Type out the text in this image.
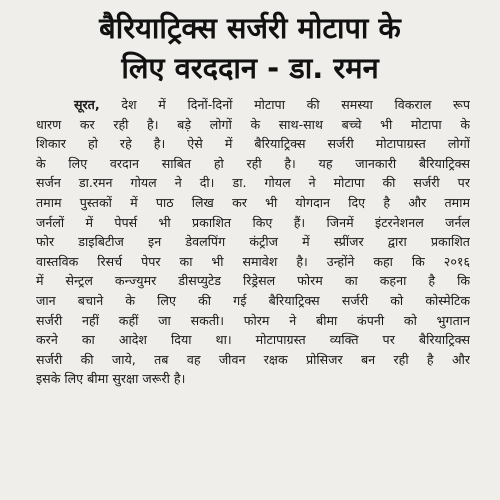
बैरियाट्रिक्स सर्जरी मोटापा के
लिए वरददान - डा. रमन
सूरत, देश में दिनों-दिनों मोटापा की समस्या विकराल रूप
धारण कर रही है। बड़े लोगों के साथ-साथ बच्चे भी मोटापा के
शिकार हो रहे है। ऐसे में बैरियाट्रिक्स सर्जरी मोटापाग्रस्त लोगों
के लिए वरदान साबित हो रही है। यह जानकारी बैरियाट्रिक्स
सर्जन डा.रमन गोयल ने दी। डा. गोयल ने मोटापा की सर्जरी पर
तमाम पुस्तकों में पाठ लिख कर भी योगदान दिए है और तमाम
जर्नलों में पेपर्स भी प्रकाशित किए हैं। जिनमें इंटरनेशनल जर्नल
फोर डाइबिटीज इन डेवलपिंग कंट्रीज में स्प्रींजर द्वारा प्रकाशित
वास्तविक रिसर्च पेपर का भी समावेश है। उन्होंने कहा कि २०१६
में सेन्ट्रल कन्ज्युमर डीसप्युटेड रिड्रेसल फोरम का कहना है कि
जान बचाने के लिए की गई बैरियाट्रिक्स सर्जरी को कोस्मेटिक
सर्जरी नहीं कहीं जा सकती। फोरम ने बीमा कंपनी को भुगतान
करने का आदेश दिया था। मोटापाग्रस्त व्यक्ति पर बैरियाट्रिक्स
सर्जरी की जाये, तब वह जीवन रक्षक प्रोसिजर बन रही है और
इसके लिए बीमा सुरक्षा जरूरी है।
